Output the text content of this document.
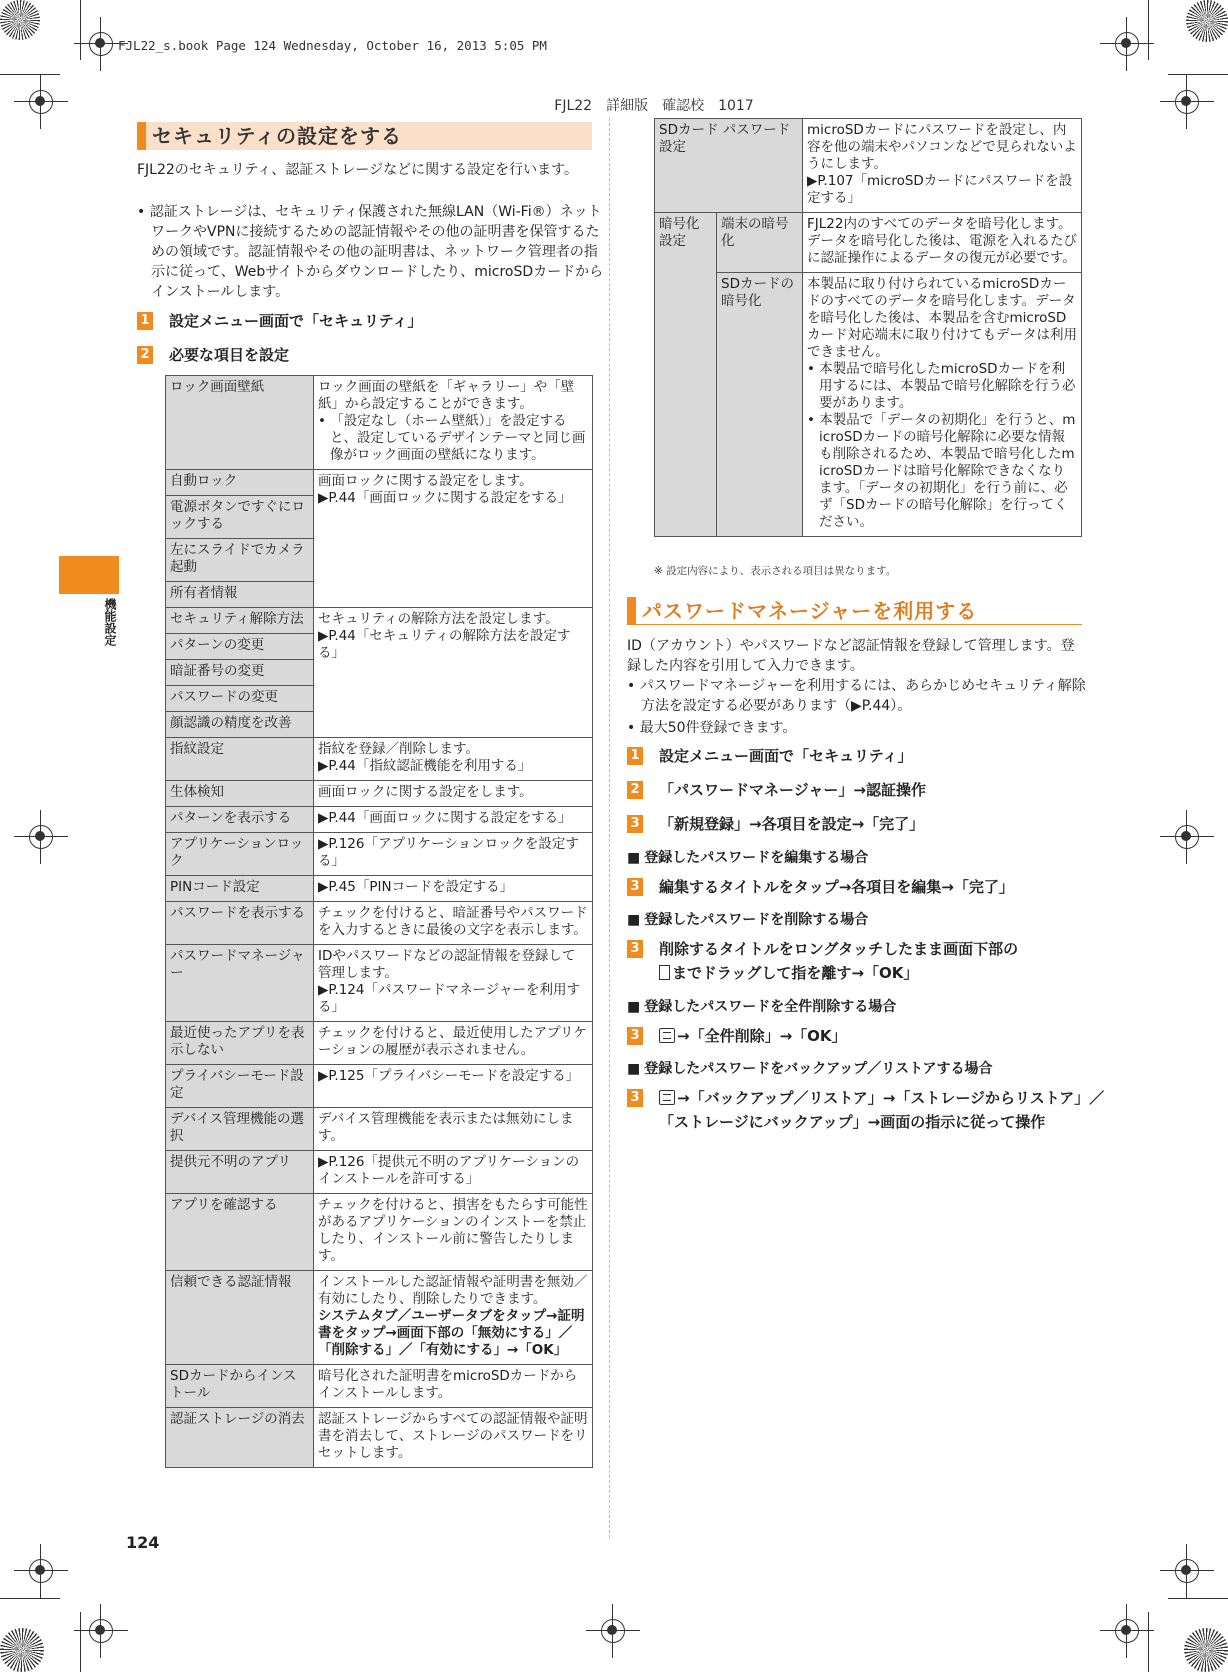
FJL22_s.book Page 124 Wednesday, October 16, 2013 5:05 PM
FJL22　詳細版　確認校　1017
機能設定
124
セキュリティの設定をする
FJL22のセキュリティ、認証ストレージなどに関する設定を行います。
• 認証ストレージは、セキュリティ保護された無線LAN（Wi-Fi®）ネットワークやVPNに接続するための認証情報やその他の証明書を保管するための領域です。認証情報やその他の証明書は、ネットワーク管理者の指示に従って、Webサイトからダウンロードしたり、microSDカードからインストールします。
1 設定メニュー画面で「セキュリティ」
2 必要な項目を設定
ロック画面壁紙	ロック画面の壁紙を「ギャラリー」や「壁紙」から設定することができます。
• 「設定なし（ホーム壁紙）」を設定すると、設定しているデザインテーマと同じ画像がロック画面の壁紙になります。

自動ロック	画面ロックに関する設定をします。
▶P.44「画面ロックに関する設定をする」
電源ボタンですぐにロックする	
左にスライドでカメラ起動	
所有者情報	
セキュリティ解除方法	セキュリティの解除方法を設定します。
▶P.44「セキュリティの解除方法を設定する」
パターンの変更	
暗証番号の変更	
パスワードの変更	
顔認識の精度を改善	
指紋設定	指紋を登録／削除します。
▶P.44「指紋認証機能を利用する」
生体検知	画面ロックに関する設定をします。
パターンを表示する	▶P.44「画面ロックに関する設定をする」
アプリケーションロック	▶P.126「アプリケーションロックを設定する」
PINコード設定	▶P.45「PINコードを設定する」
パスワードを表示する	チェックを付けると、暗証番号やパスワードを入力するときに最後の文字を表示します。
パスワードマネージャー	IDやパスワードなどの認証情報を登録して管理します。
▶P.124「パスワードマネージャーを利用する」
最近使ったアプリを表示しない	チェックを付けると、最近使用したアプリケーションの履歴が表示されません。
プライバシーモード設定	▶P.125「プライバシーモードを設定する」
デバイス管理機能の選択	デバイス管理機能を表示または無効にします。
提供元不明のアプリ	▶P.126「提供元不明のアプリケーションのインストールを許可する」
アプリを確認する	チェックを付けると、損害をもたらす可能性があるアプリケーションのインストーを禁止したり、インストール前に警告したりします。
信頼できる認証情報	インストールした認証情報や証明書を無効／有効にしたり、削除したりできます。
システムタブ／ユーザータブをタップ→証明書をタップ→画面下部の「無効にする」／「削除する」／「有効にする」→「OK」
SDカードからインストール	暗号化された証明書をmicroSDカードからインストールします。
認証ストレージの消去	認証ストレージからすべての認証情報や証明書を消去して、ストレージのパスワードをリセットします。
SDカード パスワード設定		microSDカードにパスワードを設定し、内容を他の端末やパソコンなどで見られないようにします。
▶P.107「microSDカードにパスワードを設定する」
暗号化設定	端末の暗号化	FJL22内のすべてのデータを暗号化します。データを暗号化した後は、電源を入れるたびに認証操作によるデータの復元が必要です。
	SDカードの暗号化	本製品に取り付けられているmicroSDカードのすべてのデータを暗号化します。データを暗号化した後は、本製品を含むmicroSDカード対応端末に取り付けてもデータは利用できません。
• 本製品で暗号化したmicroSDカードを利用するには、本製品で暗号化解除を行う必要があります。
• 本製品で「データの初期化」を行うと、microSDカードの暗号化解除に必要な情報も削除されるため、本製品で暗号化したmicroSDカードは暗号化解除できなくなります。「データの初期化」を行う前に、必ず「SDカードの暗号化解除」を行ってください。
※ 設定内容により、表示される項目は異なります。
パスワードマネージャーを利用する
ID（アカウント）やパスワードなど認証情報を登録して管理します。登録した内容を引用して入力できます。
• パスワードマネージャーを利用するには、あらかじめセキュリティ解除方法を設定する必要があります（▶P.44）。
• 最大50件登録できます。
1 設定メニュー画面で「セキュリティ」
2 「パスワードマネージャー」→認証操作
3 「新規登録」→各項目を設定→「完了」
■ 登録したパスワードを編集する場合
3 編集するタイトルをタップ→各項目を編集→「完了」
■ 登録したパスワードを削除する場合
3 削除するタイトルをロングタッチしたまま画面下部の
までドラッグして指を離す→「OK」
■ 登録したパスワードを全件削除する場合
3 →「全件削除」→「OK」
■ 登録したパスワードをバックアップ／リストアする場合
3 →「バックアップ／リストア」→「ストレージからリストア」／「ストレージにバックアップ」→画面の指示に従って操作
